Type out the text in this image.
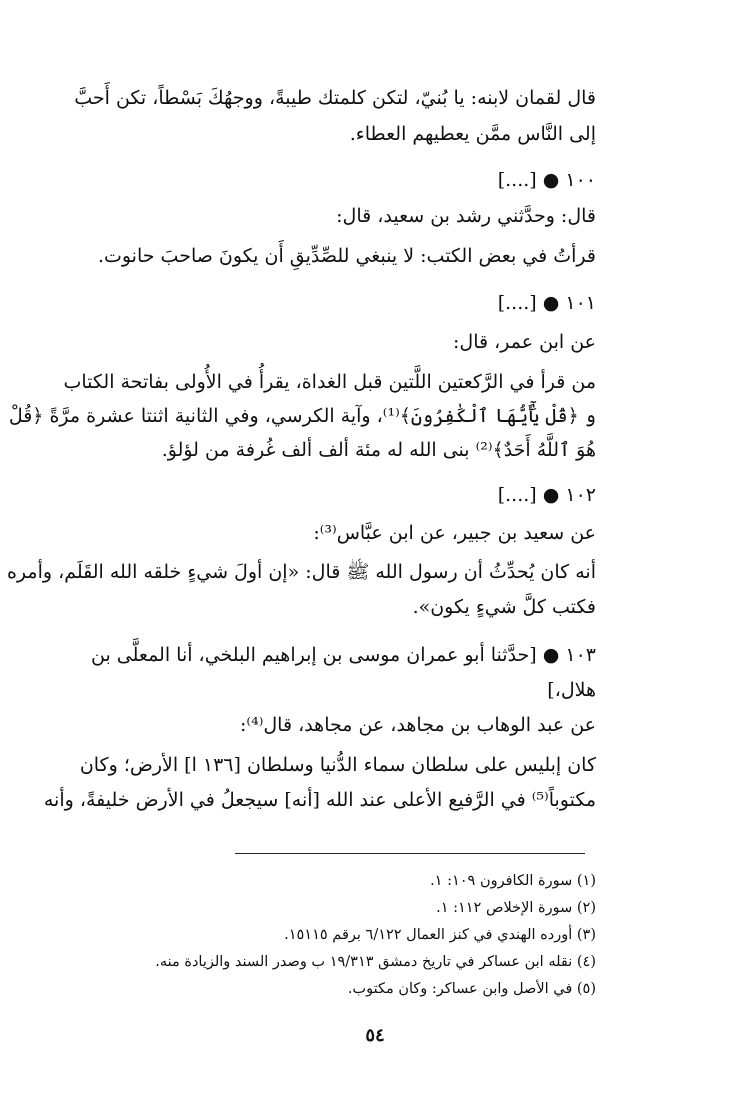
قال لقمان لابنه: يا بُنيّ، لتكن كلمتك طيبةً، ووجهُكَ بَسْطاً، تكن أَحبَّ
إلى النَّاس ممَّن يعطيهم العطاء.
١٠٠ ● [....]
قال: وحدَّثني رشد بن سعيد، قال:
قرأتُ في بعض الكتب: لا ينبغي للصِّدِّيقِ أَن يكونَ صاحبَ حانوت.
١٠١ ● [....]
عن ابن عمر، قال:
من قرأ في الرَّكعتين اللَّتين قبل الغداة، يقرأُ في الأُولى بفاتحة الكتاب
و ﴿قُلْ يَٰٓأَيُّهَا ٱلْكَٰفِرُونَ﴾⁽¹⁾، وآية الكرسي، وفي الثانية اثنتا عشرة مرَّةً ﴿قُلْ
هُوَ ٱللَّهُ أَحَدٌ﴾⁽²⁾ بنى الله له مئة ألف ألف غُرفة من لؤلؤ.
١٠٢ ● [....]
عن سعيد بن جبير، عن ابن عبَّاس⁽³⁾:
أنه كان يُحدِّثُ أن رسول الله ﷺ قال: «إن أولَ شيءٍ خلقه الله القَلَم، وأمره
فكتب كلَّ شيءٍ يكون».
١٠٣ ● [حدَّثنا أبو عمران موسى بن إبراهيم البلخي، أنا المعلَّى بن
هلال،]
عن عبد الوهاب بن مجاهد، عن مجاهد، قال⁽⁴⁾:
كان إبليس على سلطان سماء الدُّنيا وسلطان [١٣٦ ا] الأرض؛ وكان
مكتوباً⁽⁵⁾ في الرَّفيع الأعلى عند الله [أنه] سيجعلُ في الأرض خليفةً، وأنه
(١) سورة الكافرون ١٠٩: ١.
(٢) سورة الإخلاص ١١٢: ١.
(٣) أورده الهندي في كنز العمال ٦/١٢٢ برقم ١٥١١٥.
(٤) نقله ابن عساكر في تاريخ دمشق ١٩/٣١٣ ب وصدر السند والزيادة منه.
(٥) في الأصل وابن عساكر: وكان مكتوب.
٥٤
